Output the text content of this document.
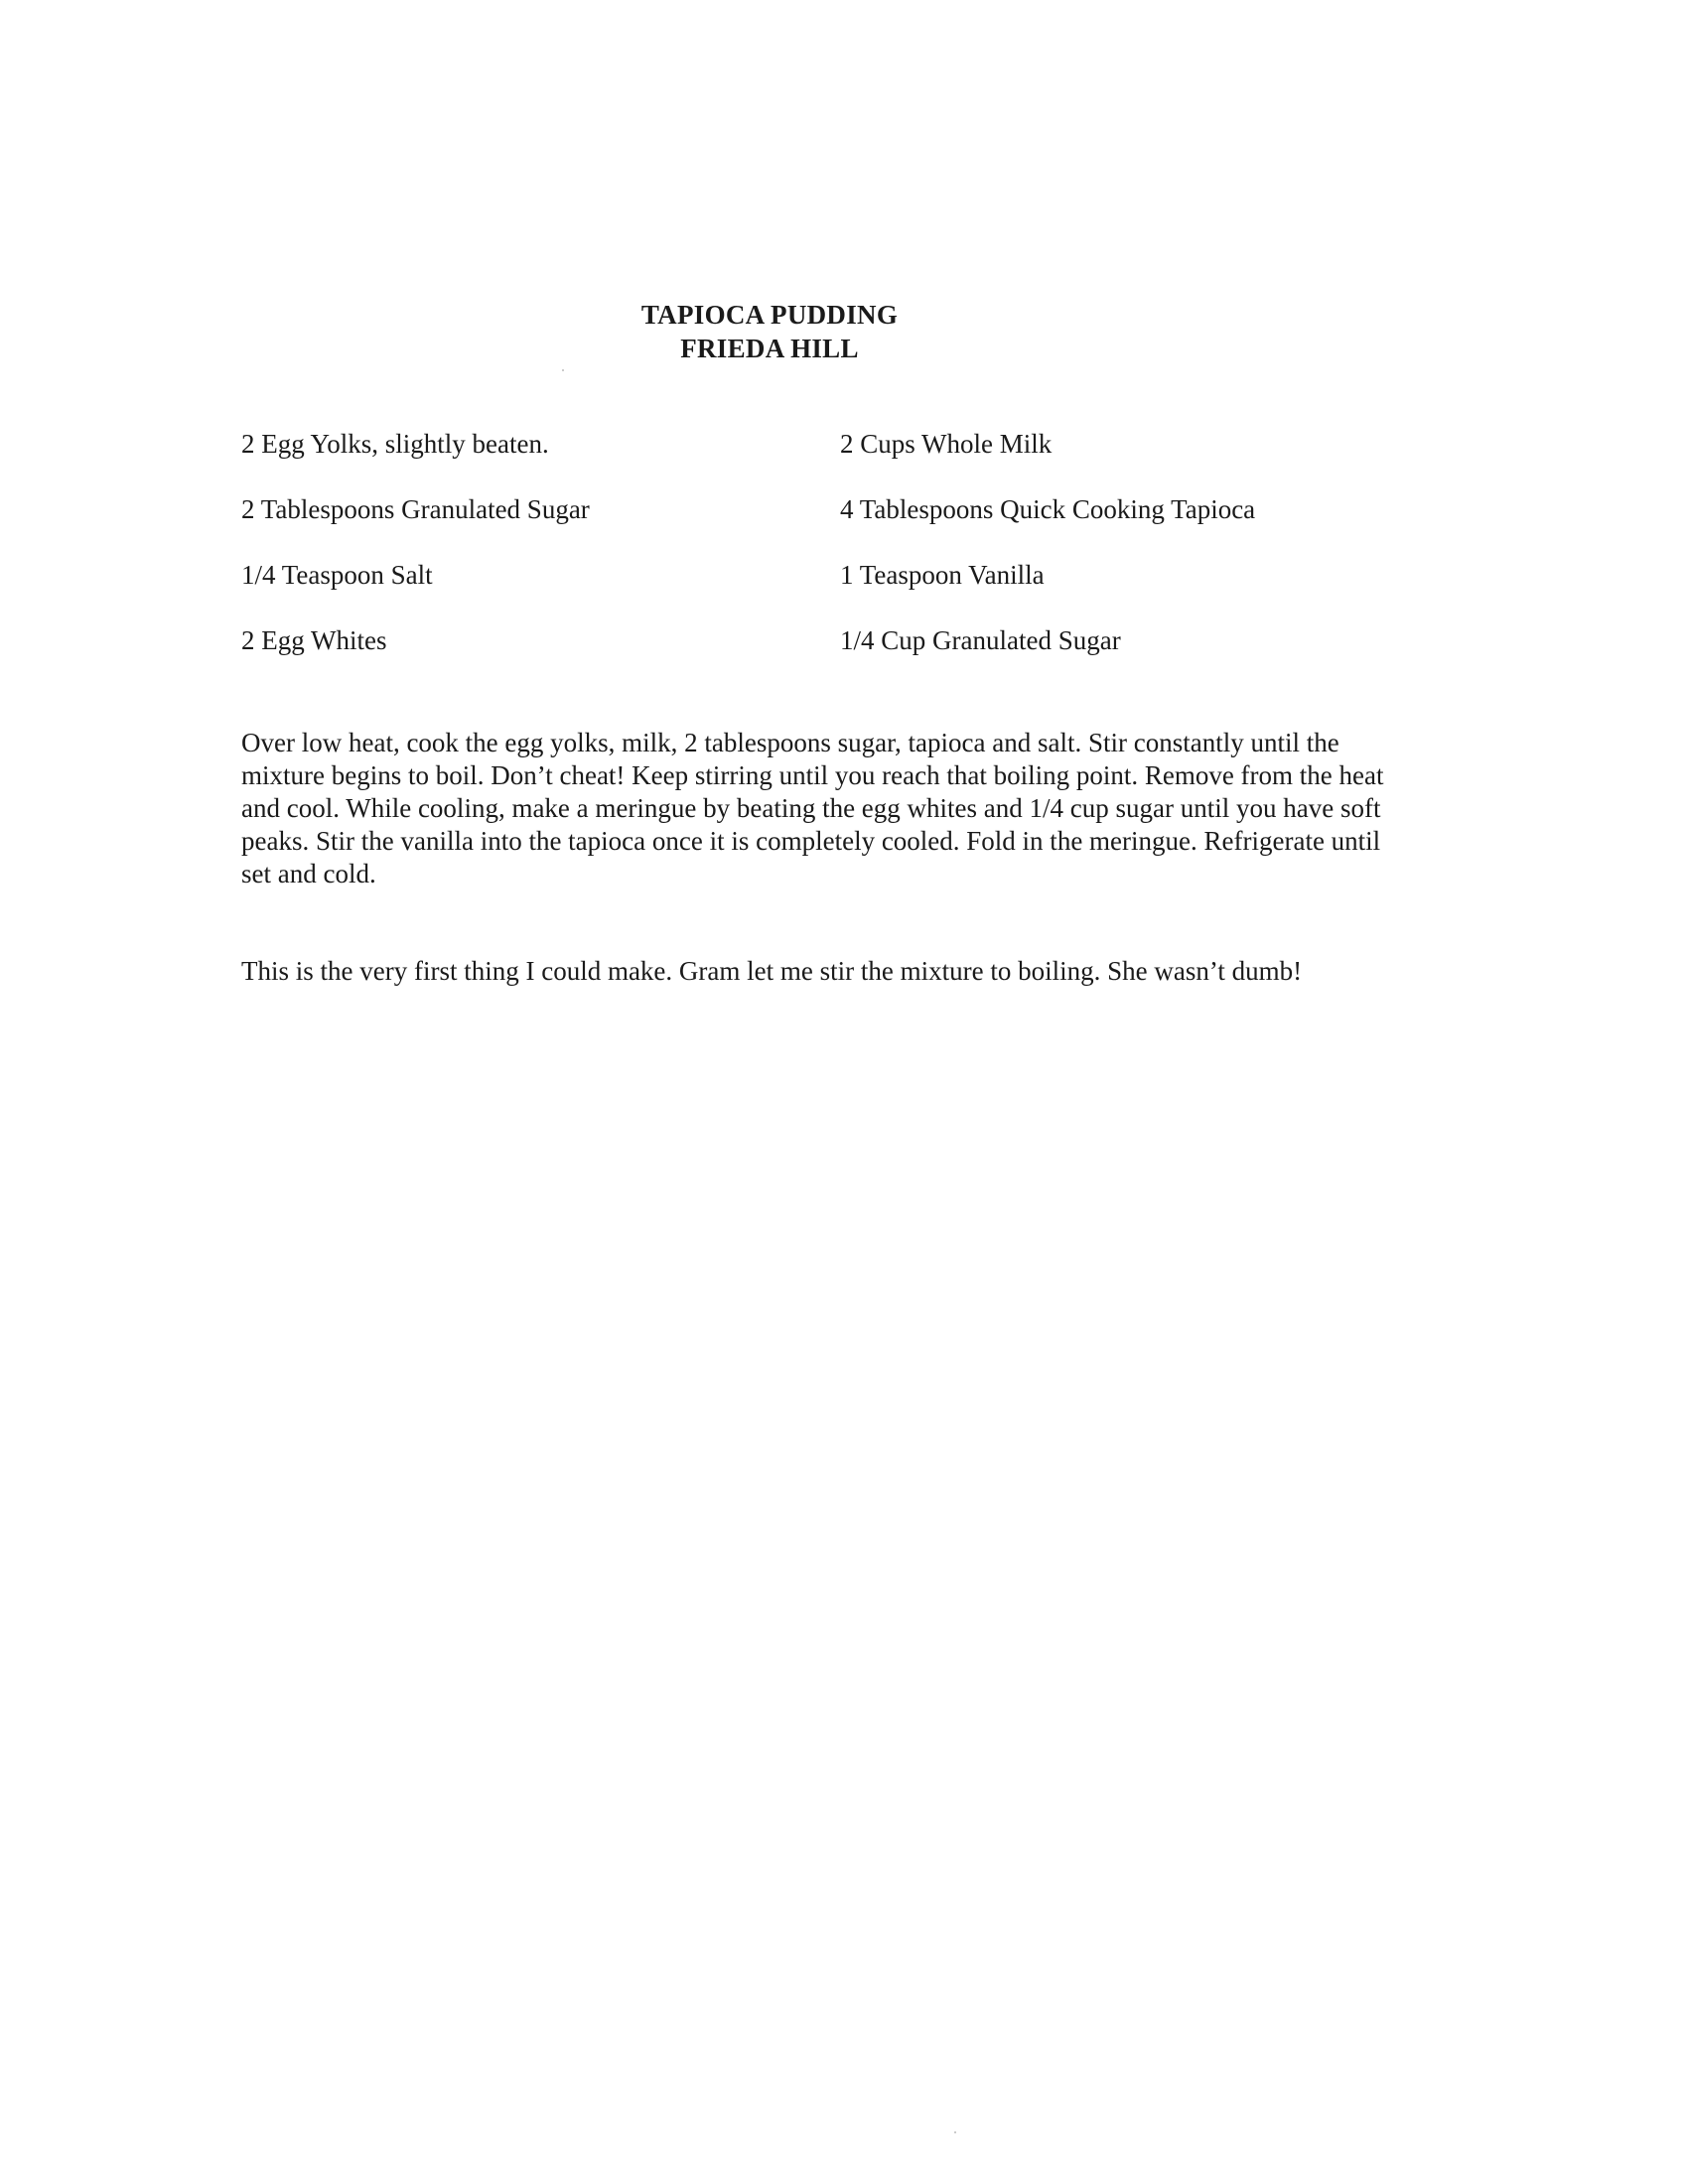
TAPIOCA PUDDING
FRIEDA HILL
2 Egg Yolks, slightly beaten.	2 Cups Whole Milk
2 Tablespoons Granulated Sugar	4 Tablespoons Quick Cooking Tapioca
1/4 Teaspoon Salt	1 Teaspoon Vanilla
2 Egg Whites	1/4 Cup Granulated Sugar

Over low heat, cook the egg yolks, milk, 2 tablespoons sugar, tapioca and salt. Stir constantly until the mixture begins to boil. Don’t cheat! Keep stirring until you reach that boiling point. Remove from the heat and cool. While cooling, make a meringue by beating the egg whites and 1/4 cup sugar until you have soft peaks. Stir the vanilla into the tapioca once it is completely cooled. Fold in the meringue. Refrigerate until set and cold.

This is the very first thing I could make. Gram let me stir the mixture to boiling. She wasn’t dumb!
